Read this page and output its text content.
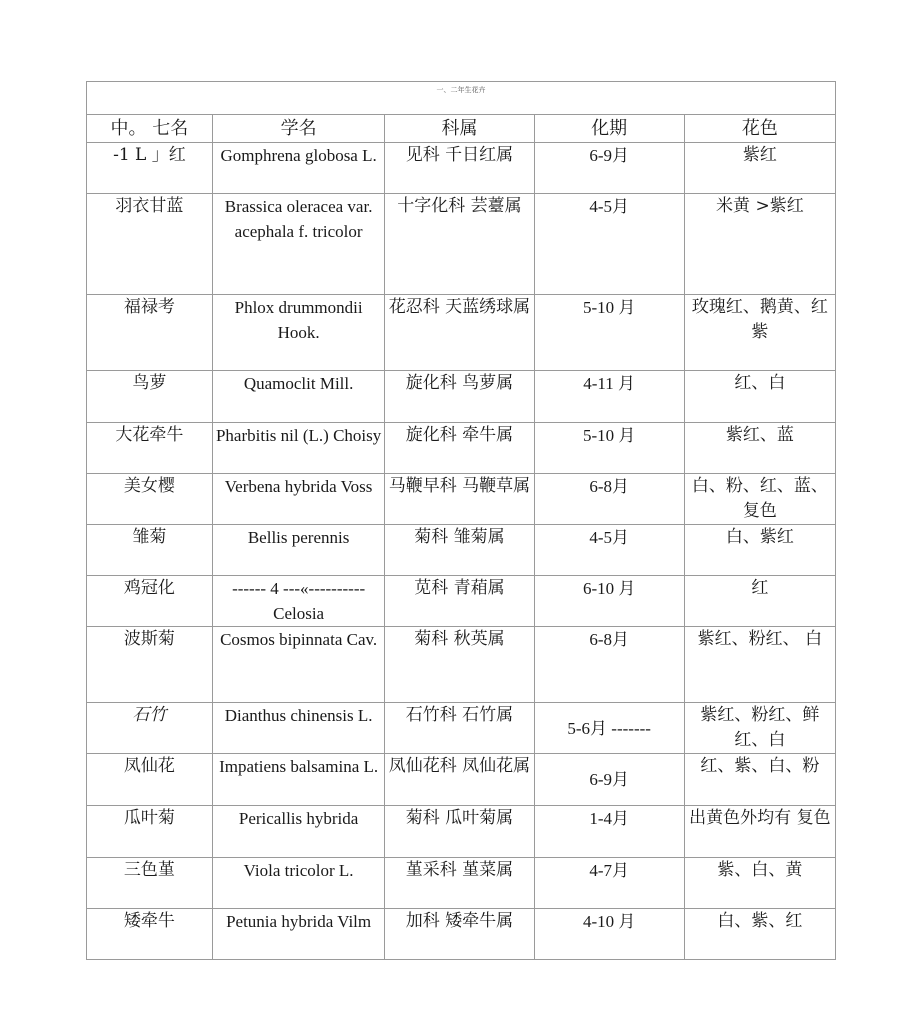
一、二年生花卉
中。 七名	学名	科属	化期	花色
-1 L 」红	Gomphrena globosa L.	见科 千日红属	6-9月	紫红
羽衣甘蓝	Brassica oleracea var. acephala f. tricolor	十字化科 芸薹属	4-5月	米黄 >紫红
福禄考	Phlox drummondii Hook.	花忍科 天蓝绣球属	5-10 月	玫瑰红、鹅黄、红紫
鸟萝	Quamoclit Mill.	旋化科 鸟萝属	4-11 月	红、白
大花牵牛	Pharbitis nil (L.) Choisy	旋化科 牵牛属	5-10 月	紫红、蓝
美女樱	Verbena hybrida Voss	马鞭早科 马鞭草属	6-8月	白、粉、红、蓝、复色
雏菊	Bellis perennis	菊科 雏菊属	4-5月	白、紫红
鸡冠化	------ 4 ---«---------- Celosia	苋科 青葙属	6-10 月	红
波斯菊	Cosmos bipinnata Cav.	菊科 秋英属	6-8月	紫红、粉红、 白
石竹	Dianthus chinensis L.	石竹科 石竹属	5-6月 -------	紫红、粉红、鲜红、白
凤仙花	Impatiens balsamina L.	凤仙花科 凤仙花属	6-9月	红、紫、白、粉
瓜叶菊	Pericallis hybrida	菊科 瓜叶菊属	1-4月	出黄色外均有 复色
三色堇	Viola tricolor L.	堇采科 堇菜属	4-7月	紫、白、黄
矮牵牛	Petunia hybrida Vilm	加科 矮牵牛属	4-10 月	白、紫、红
